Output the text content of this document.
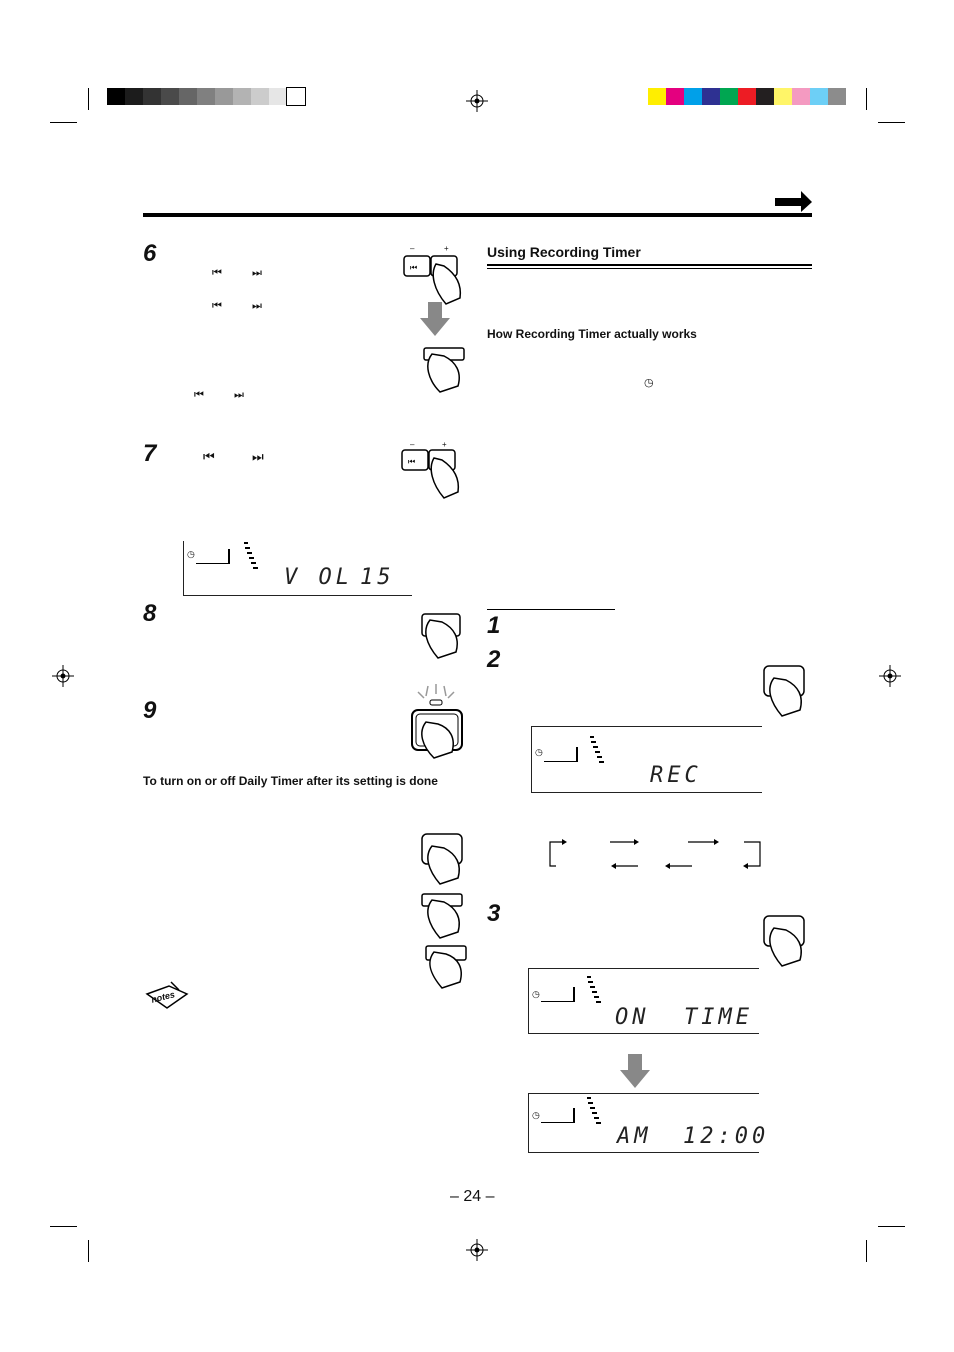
6
7
8
9
⏮	⏭
⏮	⏭
⏮	⏭
⏮	⏭
–	+
⏮
–	+
⏮
◷
V OL 15
To turn on or off Daily Timer after its setting is done
notes
Using Recording Timer
How Recording Timer actually works
◷
1
2
3
◷
REC
◷
ON  TIME
◷
AM 12:00
– 24 –
